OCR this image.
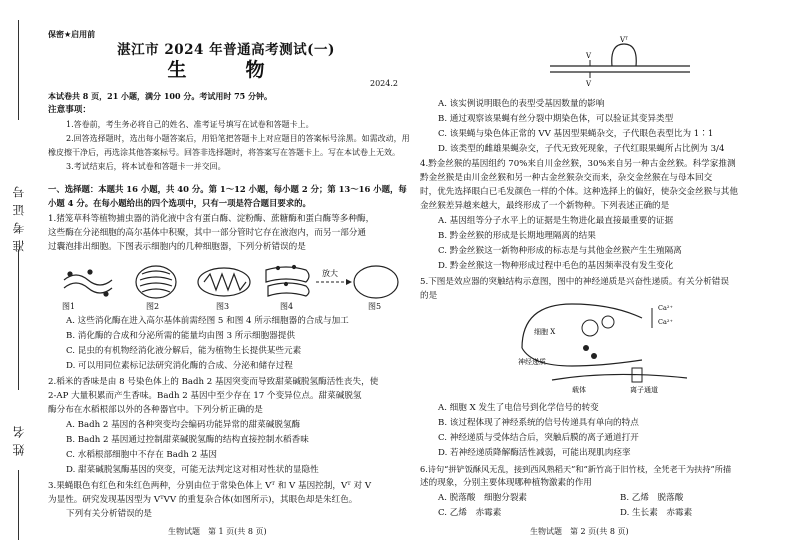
准考证号
姓名
保密★启用前
湛江市 2024 年普通高考测试(一)
生　物
2024.2
本试卷共 8 页，21 小题，满分 100 分。考试用时 75 分钟。
注意事项：
1.答卷前，考生务必将自己的姓名、准考证号填写在试卷和答题卡上。
2.回答选择题时，选出每小题答案后，用铅笔把答题卡上对应题目的答案标号涂黑。如需改动，用
橡皮擦干净后，再选涂其他答案标号。回答非选择题时，将答案写在答题卡上。写在本试卷上无效。
3.考试结束后，将本试卷和答题卡一并交回。
一、选择题：本题共 16 小题，共 40 分。第 1～12 小题，每小题 2 分；第 13～16 小题，每
小题 4 分。在每小题给出的四个选项中，只有一项是符合题目要求的。
1.猪笼草科等植物捕虫器的消化液中含有蛋白酶、淀粉酶、蔗糖酶和蛋白酶等多种酶，
这些酶在分泌细胞的高尔基体中积聚，其中一部分管时它存在液泡内，而另一部分通
过囊泡排出细胞。下图表示细胞内的几种细胞器，下列分析错误的是
放大
图1	图2	图3	图4	图5
A. 这些消化酶在进入高尔基体前需经图 5 和图 4 所示细胞器的合成与加工
B. 消化酶的合成和分泌所需的能量均由图 3 所示细胞器提供
C. 昆虫的有机物经消化液分解后，能为植物生长提供某些元素
D. 可以用同位素标记法研究消化酶的合成、分泌和储存过程
2.稻米的香味是由 8 号染色体上的 Badh 2 基因突变而导致甜菜碱脱氢酶活性丧失，使
2-AP 大量积累而产生香味。Badh 2 基因中至少存在 17 个变异位点。甜菜碱脱氢
酶分布在水稻根部以外的各种器官中。下列分析正确的是
A. Badh 2 基因的各种突变均会编码功能异常的甜菜碱脱氢酶
B. Badh 2 基因通过控制甜菜碱脱氢酶的结构直接控制水稻香味
C. 水稻根部细胞中不存在 Badh 2 基因
D. 甜菜碱脱氢酶基因的突变，可能无法判定这对相对性状的显隐性
3.果蝇眼色有红色和朱红色两种，分别由位于常染色体上 Vᵀ 和 V 基因控制，Vᵀ 对 V
为显性。研究发现基因型为 VᵀVV 的重复杂合体(如图所示)，其眼色却是朱红色。
下列有关分析错误的是
生物试题　第 1 页(共 8 页)
V
V
Vᵀ
A. 该实例说明眼色的表型受基因数量的影响
B. 通过观察该果蝇有丝分裂中期染色体，可以验证其变异类型
C. 该果蝇与染色体正常的 VV 基因型果蝇杂交，子代眼色表型比为 1∶1
D. 该类型的雌雄果蝇杂交，子代无致死现象，子代红眼果蝇所占比例为 3/4
4.黔金丝猴的基因组约 70%来自川金丝猴，30%来自另一种古金丝猴。科学家推测
黔金丝猴是由川金丝猴和另一种古金丝猴杂交而来，杂交金丝猴在与母本回交
时，优先选择眼白已毛发颜色一样的个体。这种选择上的偏好，使杂交金丝猴与其他
金丝猴差异越来越大，最终形成了一个新物种。下列表述正确的是
A. 基因组等分子水平上的证据是生物进化最直接最重要的证据
B. 黔金丝猴的形成是长期地理隔离的结果
C. 黔金丝猴这一新物种形成的标志是与其他金丝猴产生生殖隔离
D. 黔金丝猴这一物种形成过程中毛色的基因频率没有发生变化
5.下图是效应器的突触结构示意图，图中的神经递质是兴奋性递质。有关分析错误
的是
细胞 X
神经递质
载体	离子通道
Ca²⁺
Ca²⁺
A. 细胞 X 发生了电信号到化学信号的转变
B. 该过程体现了神经系统的信号传递具有单向的特点
C. 神经递质与受体结合后，突触后膜的离子通道打开
D. 若神经递质降解酶活性减弱，可能出现肌肉痉挛
6.诗句“拼铲饭酥风无乱，接到西风熟稻天”和“新竹高于旧竹枝，全凭老干为扶持”所描
述的现象，分别主要体现哪种植物激素的作用
A. 脱落酸　细胞分裂素	B. 乙烯　脱落酸
C. 乙烯　赤霉素	D. 生长素　赤霉素
生物试题　第 2 页(共 8 页)
